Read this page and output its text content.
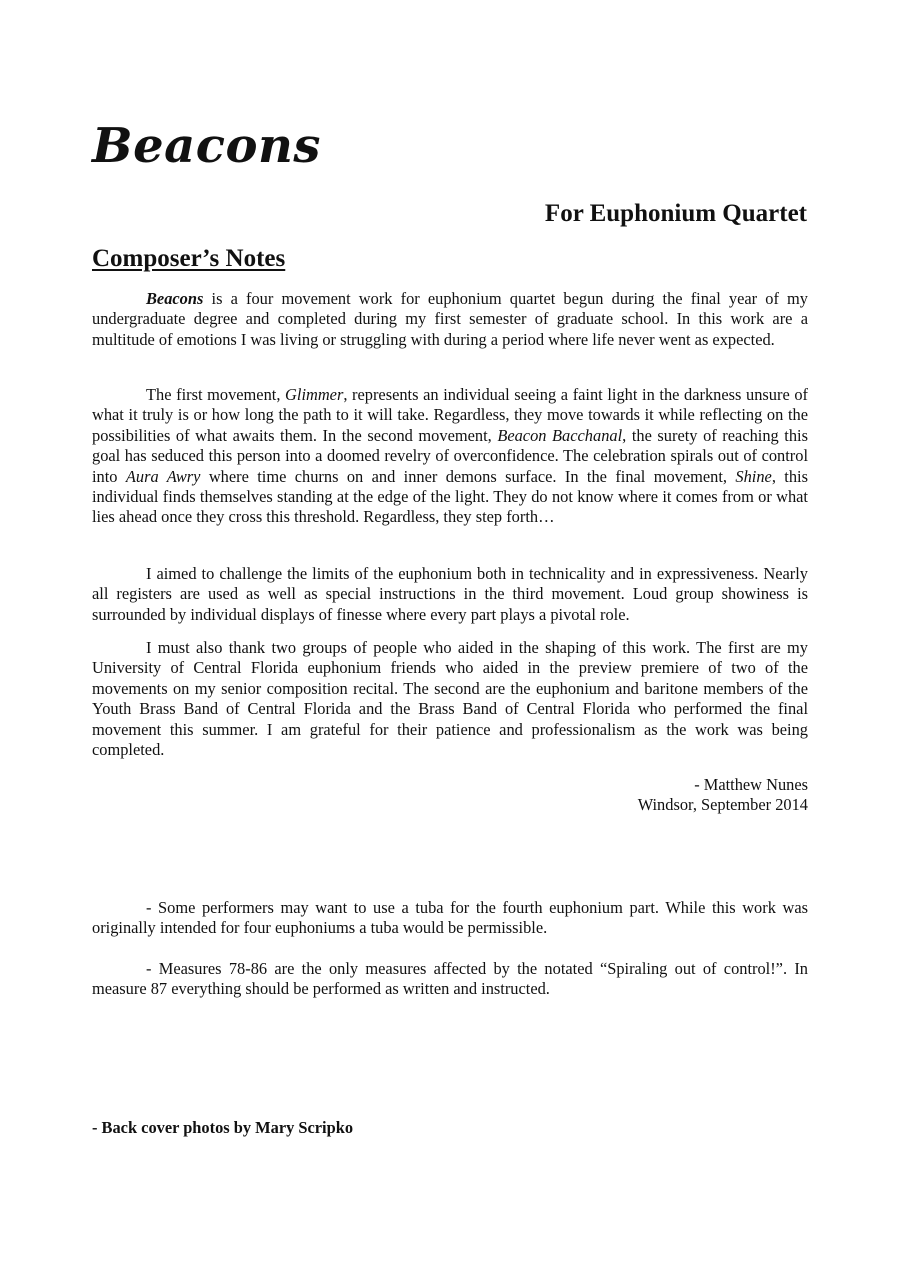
Beacons
For Euphonium Quartet
Composer’s Notes

Beacons is a four movement work for euphonium quartet begun during the final year of my undergraduate degree and completed during my first semester of graduate school. In this work are a multitude of emotions I was living or struggling with during a period where life never went as expected.

The first movement, Glimmer, represents an individual seeing a faint light in the darkness unsure of what it truly is or how long the path to it will take. Regardless, they move towards it while reflecting on the possibilities of what awaits them. In the second movement, Beacon Bacchanal, the surety of reaching this goal has seduced this person into a doomed revelry of overconfidence. The celebration spirals out of control into Aura Awry where time churns on and inner demons surface. In the final movement, Shine, this individual finds themselves standing at the edge of the light. They do not know where it comes from or what lies ahead once they cross this threshold. Regardless, they step forth…

I aimed to challenge the limits of the euphonium both in technicality and in expressiveness. Nearly all registers are used as well as special instructions in the third movement. Loud group showiness is surrounded by individual displays of finesse where every part plays a pivotal role.

I must also thank two groups of people who aided in the shaping of this work. The first are my University of Central Florida euphonium friends who aided in the preview premiere of two of the movements on my senior composition recital. The second are the euphonium and baritone members of the Youth Brass Band of Central Florida and the Brass Band of Central Florida who performed the final movement this summer. I am grateful for their patience and professionalism as the work was being completed.

- Matthew Nunes
Windsor, September 2014

- Some performers may want to use a tuba for the fourth euphonium part. While this work was originally intended for four euphoniums a tuba would be permissible.

- Measures 78-86 are the only measures affected by the notated “Spiraling out of control!”. In measure 87 everything should be performed as written and instructed.

- Back cover photos by Mary Scripko
